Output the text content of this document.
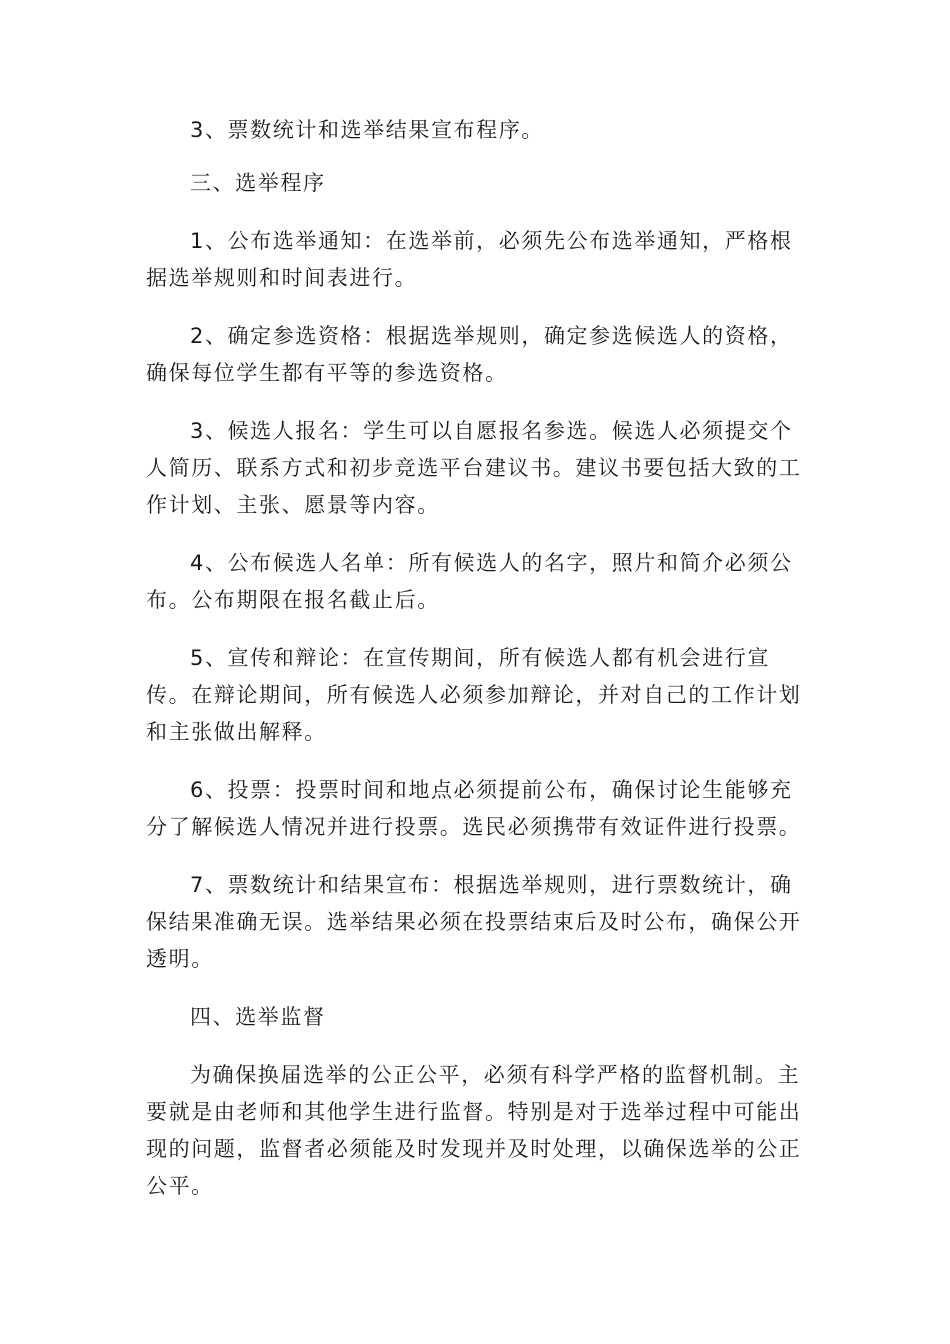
3、票数统计和选举结果宣布程序。

三、选举程序

1、公布选举通知：在选举前，必须先公布选举通知，严格根据选举规则和时间表进行。

2、确定参选资格：根据选举规则，确定参选候选人的资格，确保每位学生都有平等的参选资格。

3、候选人报名：学生可以自愿报名参选。候选人必须提交个人简历、联系方式和初步竞选平台建议书。建议书要包括大致的工作计划、主张、愿景等内容。

4、公布候选人名单：所有候选人的名字，照片和简介必须公布。公布期限在报名截止后。

5、宣传和辩论：在宣传期间，所有候选人都有机会进行宣传。在辩论期间，所有候选人必须参加辩论，并对自己的工作计划和主张做出解释。

6、投票：投票时间和地点必须提前公布，确保讨论生能够充分了解候选人情况并进行投票。选民必须携带有效证件进行投票。

7、票数统计和结果宣布：根据选举规则，进行票数统计，确保结果准确无误。选举结果必须在投票结束后及时公布，确保公开透明。

四、选举监督

为确保换届选举的公正公平，必须有科学严格的监督机制。主要就是由老师和其他学生进行监督。特别是对于选举过程中可能出现的问题，监督者必须能及时发现并及时处理，以确保选举的公正公平。
